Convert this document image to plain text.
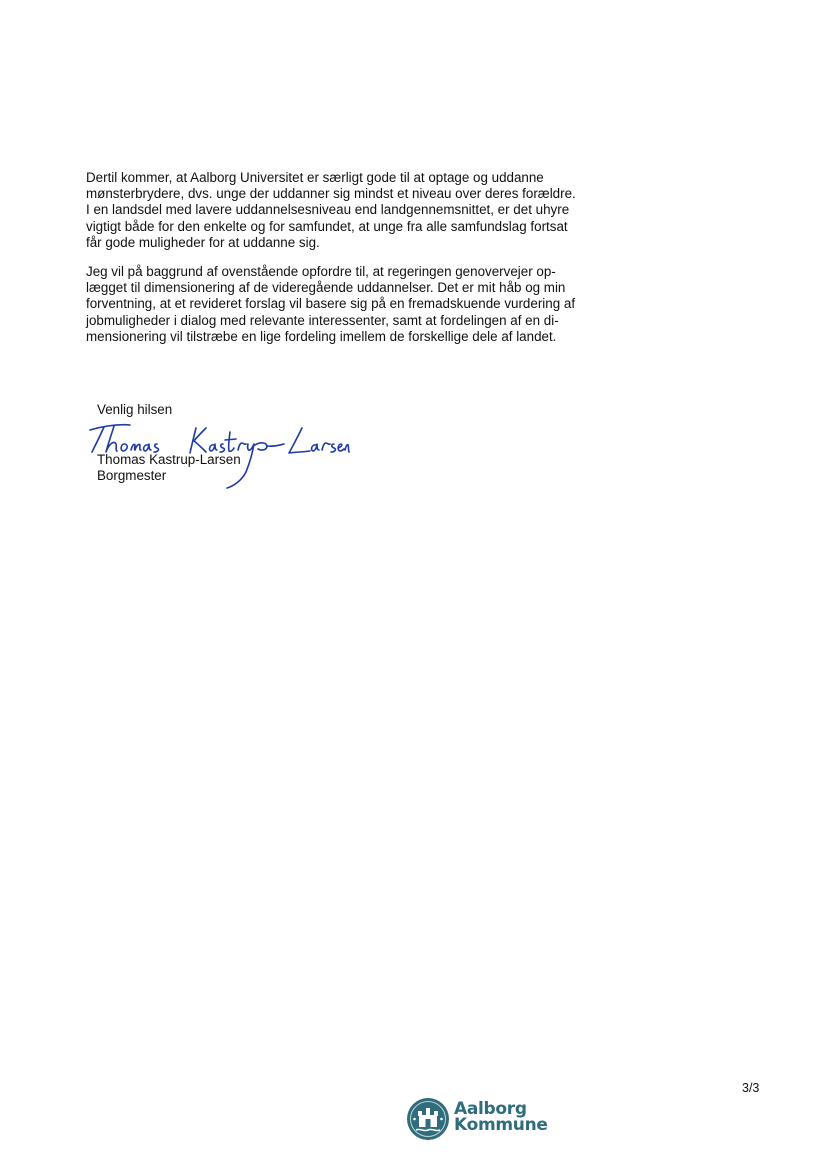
Dertil kommer, at Aalborg Universitet er særligt gode til at optage og uddanne
mønsterbrydere, dvs. unge der uddanner sig mindst et niveau over deres forældre.
I en landsdel med lavere uddannelsesniveau end landgennemsnittet, er det uhyre
vigtigt både for den enkelte og for samfundet, at unge fra alle samfundslag fortsat
får gode muligheder for at uddanne sig.

Jeg vil på baggrund af ovenstående opfordre til, at regeringen genovervejer op-
lægget til dimensionering af de videregående uddannelser. Det er mit håb og min
forventning, at et revideret forslag vil basere sig på en fremadskuende vurdering af
jobmuligheder i dialog med relevante interessenter, samt at fordelingen af en di-
mensionering vil tilstræbe en lige fordeling imellem de forskellige dele af landet.

Venlig hilsen
Thomas Kastrup-Larsen
Borgmester
3/3
Aalborg
Kommune
